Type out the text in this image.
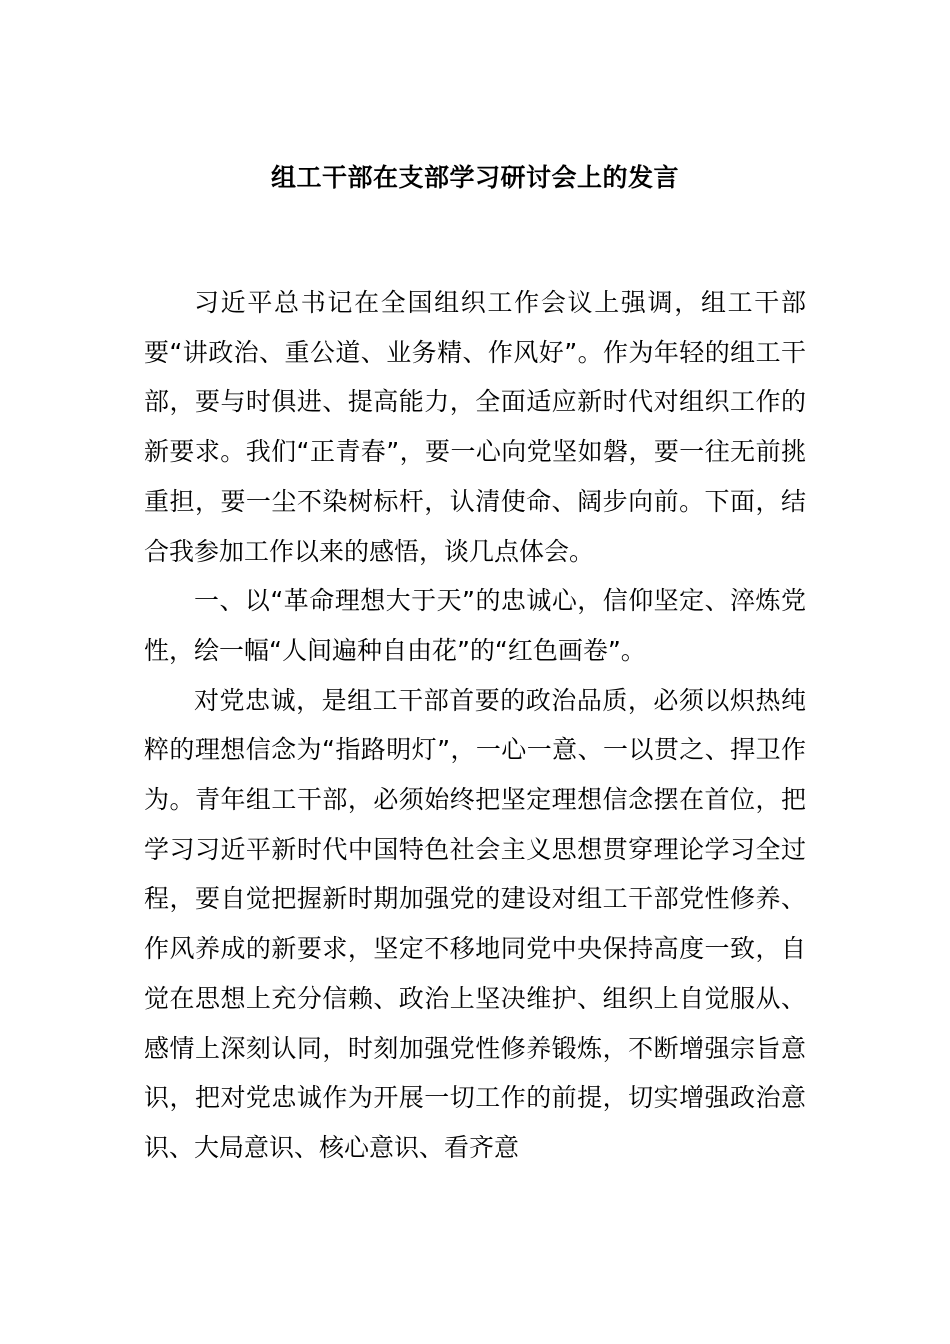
组工干部在支部学习研讨会上的发言

习近平总书记在全国组织工作会议上强调，组工干部要“讲政治、重公道、业务精、作风好”。作为年轻的组工干部，要与时俱进、提高能力，全面适应新时代对组织工作的新要求。我们“正青春”，要一心向党坚如磐，要一往无前挑重担，要一尘不染树标杆，认清使命、阔步向前。下面，结合我参加工作以来的感悟，谈几点体会。

一、以“革命理想大于天”的忠诚心，信仰坚定、淬炼党性，绘一幅“人间遍种自由花”的“红色画卷”。

对党忠诚，是组工干部首要的政治品质，必须以炽热纯粹的理想信念为“指路明灯”，一心一意、一以贯之、捍卫作为。青年组工干部，必须始终把坚定理想信念摆在首位，把学习习近平新时代中国特色社会主义思想贯穿理论学习全过程，要自觉把握新时期加强党的建设对组工干部党性修养、作风养成的新要求，坚定不移地同党中央保持高度一致，自觉在思想上充分信赖、政治上坚决维护、组织上自觉服从、感情上深刻认同，时刻加强党性修养锻炼，不断增强宗旨意识，把对党忠诚作为开展一切工作的前提，切实增强政治意识、大局意识、核心意识、看齐意
